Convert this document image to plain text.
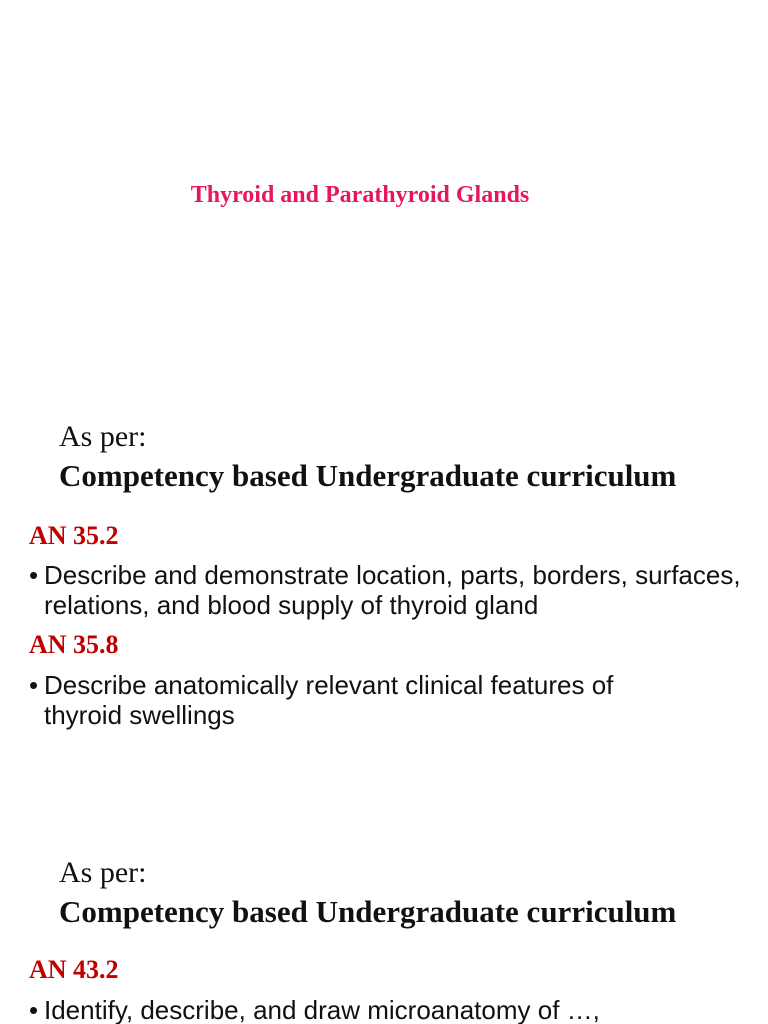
Thyroid and Parathyroid Glands
As per:
Competency based Undergraduate curriculum
AN 35.2
• Describe and demonstrate location, parts, borders, surfaces, relations, and blood supply of thyroid gland
AN 35.8
• Describe anatomically relevant clinical features of thyroid swellings
As per:
Competency based Undergraduate curriculum
AN 43.2
• Identify, describe, and draw microanatomy of …,
